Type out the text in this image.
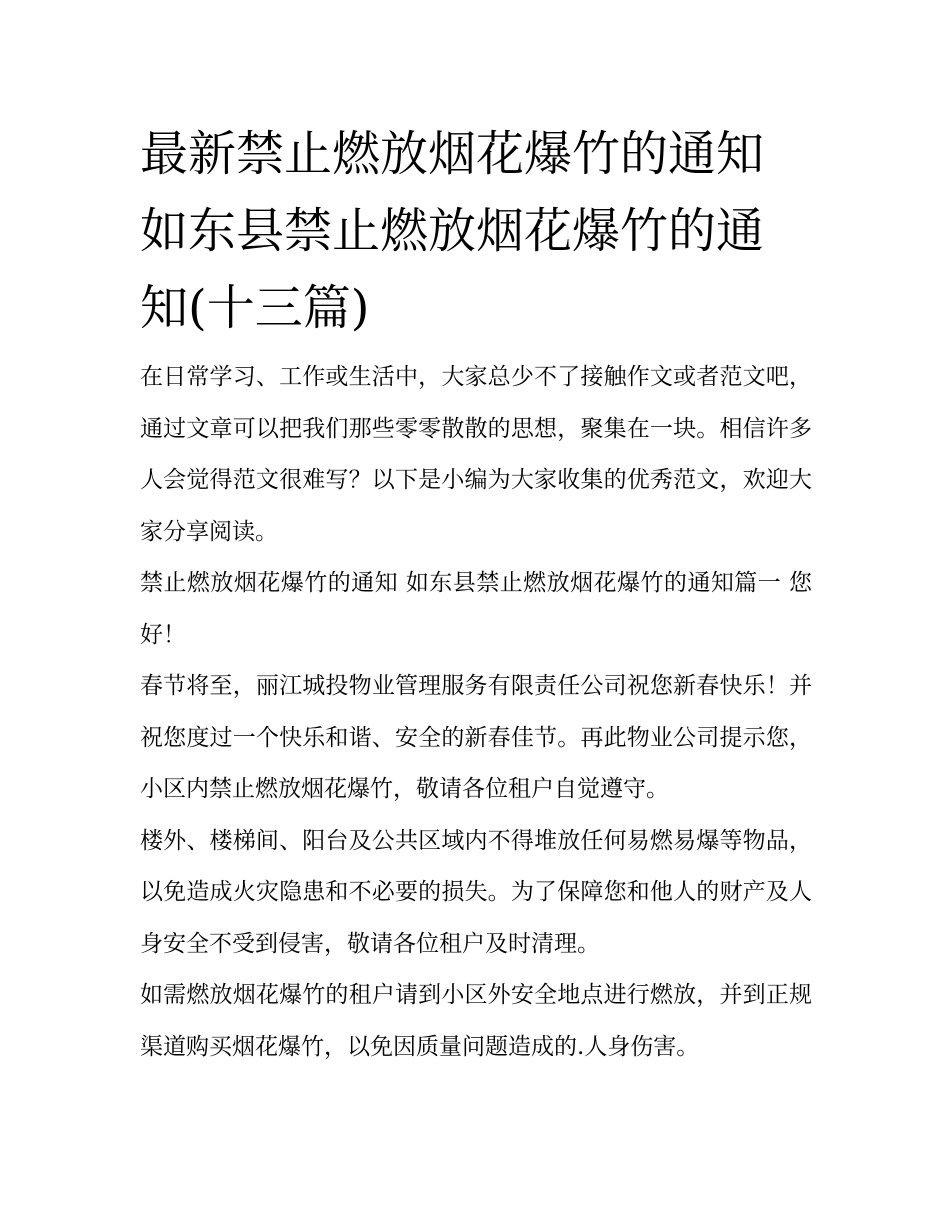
最新禁止燃放烟花爆竹的通知 如东县禁止燃放烟花爆竹的通知(十三篇)

在日常学习、工作或生活中，大家总少不了接触作文或者范文吧，通过文章可以把我们那些零零散散的思想，聚集在一块。相信许多人会觉得范文很难写？以下是小编为大家收集的优秀范文，欢迎大家分享阅读。

禁止燃放烟花爆竹的通知 如东县禁止燃放烟花爆竹的通知篇一 您好！

春节将至，丽江城投物业管理服务有限责任公司祝您新春快乐！并祝您度过一个快乐和谐、安全的新春佳节。再此物业公司提示您，小区内禁止燃放烟花爆竹，敬请各位租户自觉遵守。

楼外、楼梯间、阳台及公共区域内不得堆放任何易燃易爆等物品，以免造成火灾隐患和不必要的损失。为了保障您和他人的财产及人身安全不受到侵害，敬请各位租户及时清理。

如需燃放烟花爆竹的租户请到小区外安全地点进行燃放，并到正规渠道购买烟花爆竹，以免因质量问题造成的.人身伤害。
